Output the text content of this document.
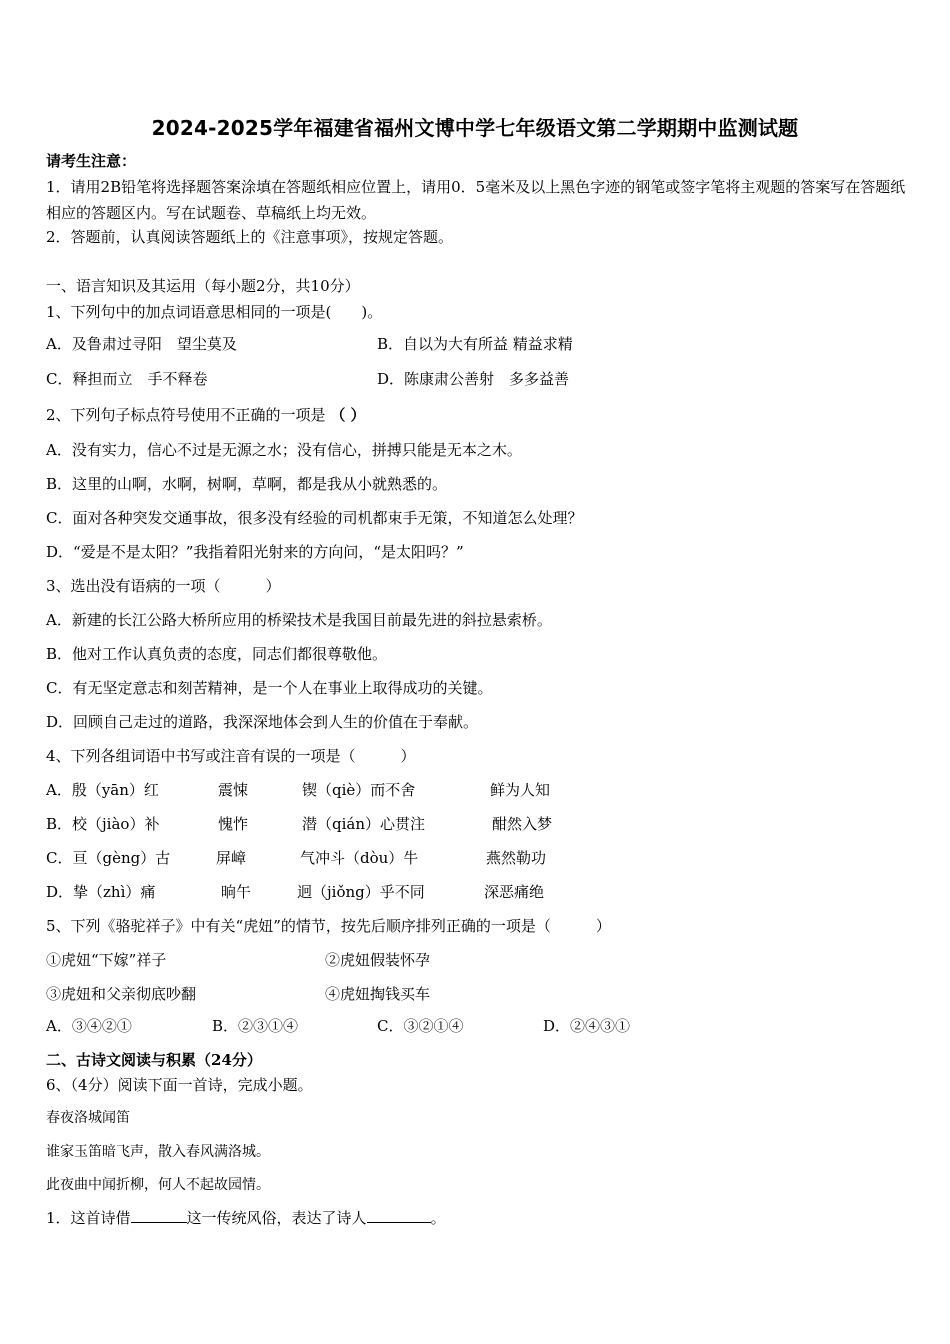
2024-2025学年福建省福州文博中学七年级语文第二学期期中监测试题
请考生注意：
1．请用2B铅笔将选择题答案涂填在答题纸相应位置上，请用0．5毫米及以上黑色字迹的钢笔或签字笔将主观题的答案写在答题纸相应的答题区内。写在试题卷、草稿纸上均无效。
2．答题前，认真阅读答题纸上的《注意事项》，按规定答题。
一、语言知识及其运用（每小题2分，共10分）
1、下列句中的加点词语意思相同的一项是(　　)。
A．及鲁肃过寻阳　望尘莫及	B．自以为大有所益 精益求精
C．释担而立　手不释卷	D．陈康肃公善射　多多益善
2、下列句子标点符号使用不正确的一项是 （ ）
A．没有实力，信心不过是无源之水；没有信心，拼搏只能是无本之木。
B．这里的山啊，水啊，树啊，草啊，都是我从小就熟悉的。
C．面对各种突发交通事故，很多没有经验的司机都束手无策，不知道怎么处理？
D．“爱是不是太阳？”我指着阳光射来的方向问，“是太阳吗？”
3、选出没有语病的一项（　　　）
A．新建的长江公路大桥所应用的桥梁技术是我国目前最先进的斜拉悬索桥。
B．他对工作认真负责的态度，同志们都很尊敬他。
C．有无坚定意志和刻苦精神，是一个人在事业上取得成功的关键。
D．回顾自己走过的道路，我深深地体会到人生的价值在于奉献。
4、下列各组词语中书写或注音有误的一项是（　　　）
A．殷（yān）红	震悚	锲（qiè）而不舍	鲜为人知
B．校（jiào）补	愧怍	潜（qián）心贯注	酣然入梦
C．亘（gèng）古	屏嶂	气冲斗（dòu）牛	燕然勒功
D．挚（zhì）痛	晌午	迥（jiǒng）乎不同	深恶痛绝
5、下列《骆驼祥子》中有关“虎妞”的情节，按先后顺序排列正确的一项是（　　　）
①虎妞“下嫁”祥子	②虎妞假装怀孕
③虎妞和父亲彻底吵翻	④虎妞掏钱买车
A．③④②①	B．②③①④	C．③②①④	D．②④③①
二、古诗文阅读与积累（24分）
6、（4分）阅读下面一首诗，完成小题。
春夜洛城闻笛
谁家玉笛暗飞声，散入春风满洛城。
此夜曲中闻折柳，何人不起故园情。
1．这首诗借	这一传统风俗，表达了诗人	。
